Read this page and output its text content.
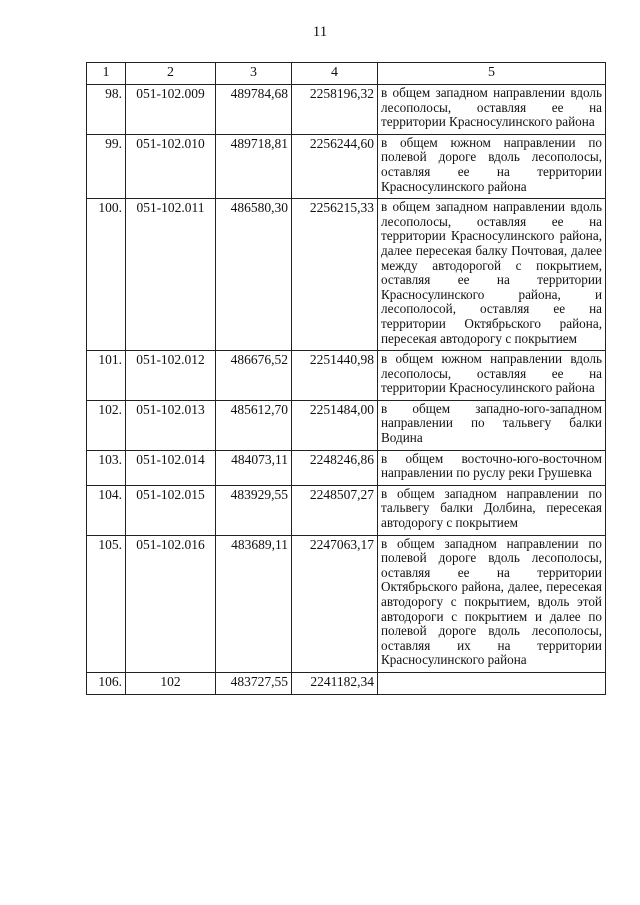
11
1	2	3	4	5
98.	051-102.009	489784,68	2258196,32	в общем западном направлении вдоль лесополосы, оставляя ее на территории Красносулинского района
99.	051-102.010	489718,81	2256244,60	в общем южном направлении по полевой дороге вдоль лесополосы, оставляя ее на территории Красносулинского района
100.	051-102.011	486580,30	2256215,33	в общем западном направлении вдоль лесополосы, оставляя ее на территории Красносулинского района, далее пересекая балку Почтовая, далее между автодорогой с покрытием, оставляя ее на территории Красносулинского района, и лесополосой, оставляя ее на территории Октябрьского района, пересекая автодорогу с покрытием
101.	051-102.012	486676,52	2251440,98	в общем южном направлении вдоль лесополосы, оставляя ее на территории Красносулинского района
102.	051-102.013	485612,70	2251484,00	в общем западно-юго-западном направлении по тальвегу балки Водина
103.	051-102.014	484073,11	2248246,86	в общем восточно-юго-восточном направлении по руслу реки Грушевка
104.	051-102.015	483929,55	2248507,27	в общем западном направлении по тальвегу балки Долбина, пересекая автодорогу с покрытием
105.	051-102.016	483689,11	2247063,17	в общем западном направлении по полевой дороге вдоль лесополосы, оставляя ее на территории Октябрьского района, далее, пересекая автодорогу с покрытием, вдоль этой автодороги с покрытием и далее по полевой дороге вдоль лесополосы, оставляя их на территории Красносулинского района
106.	102	483727,55	2241182,34	
